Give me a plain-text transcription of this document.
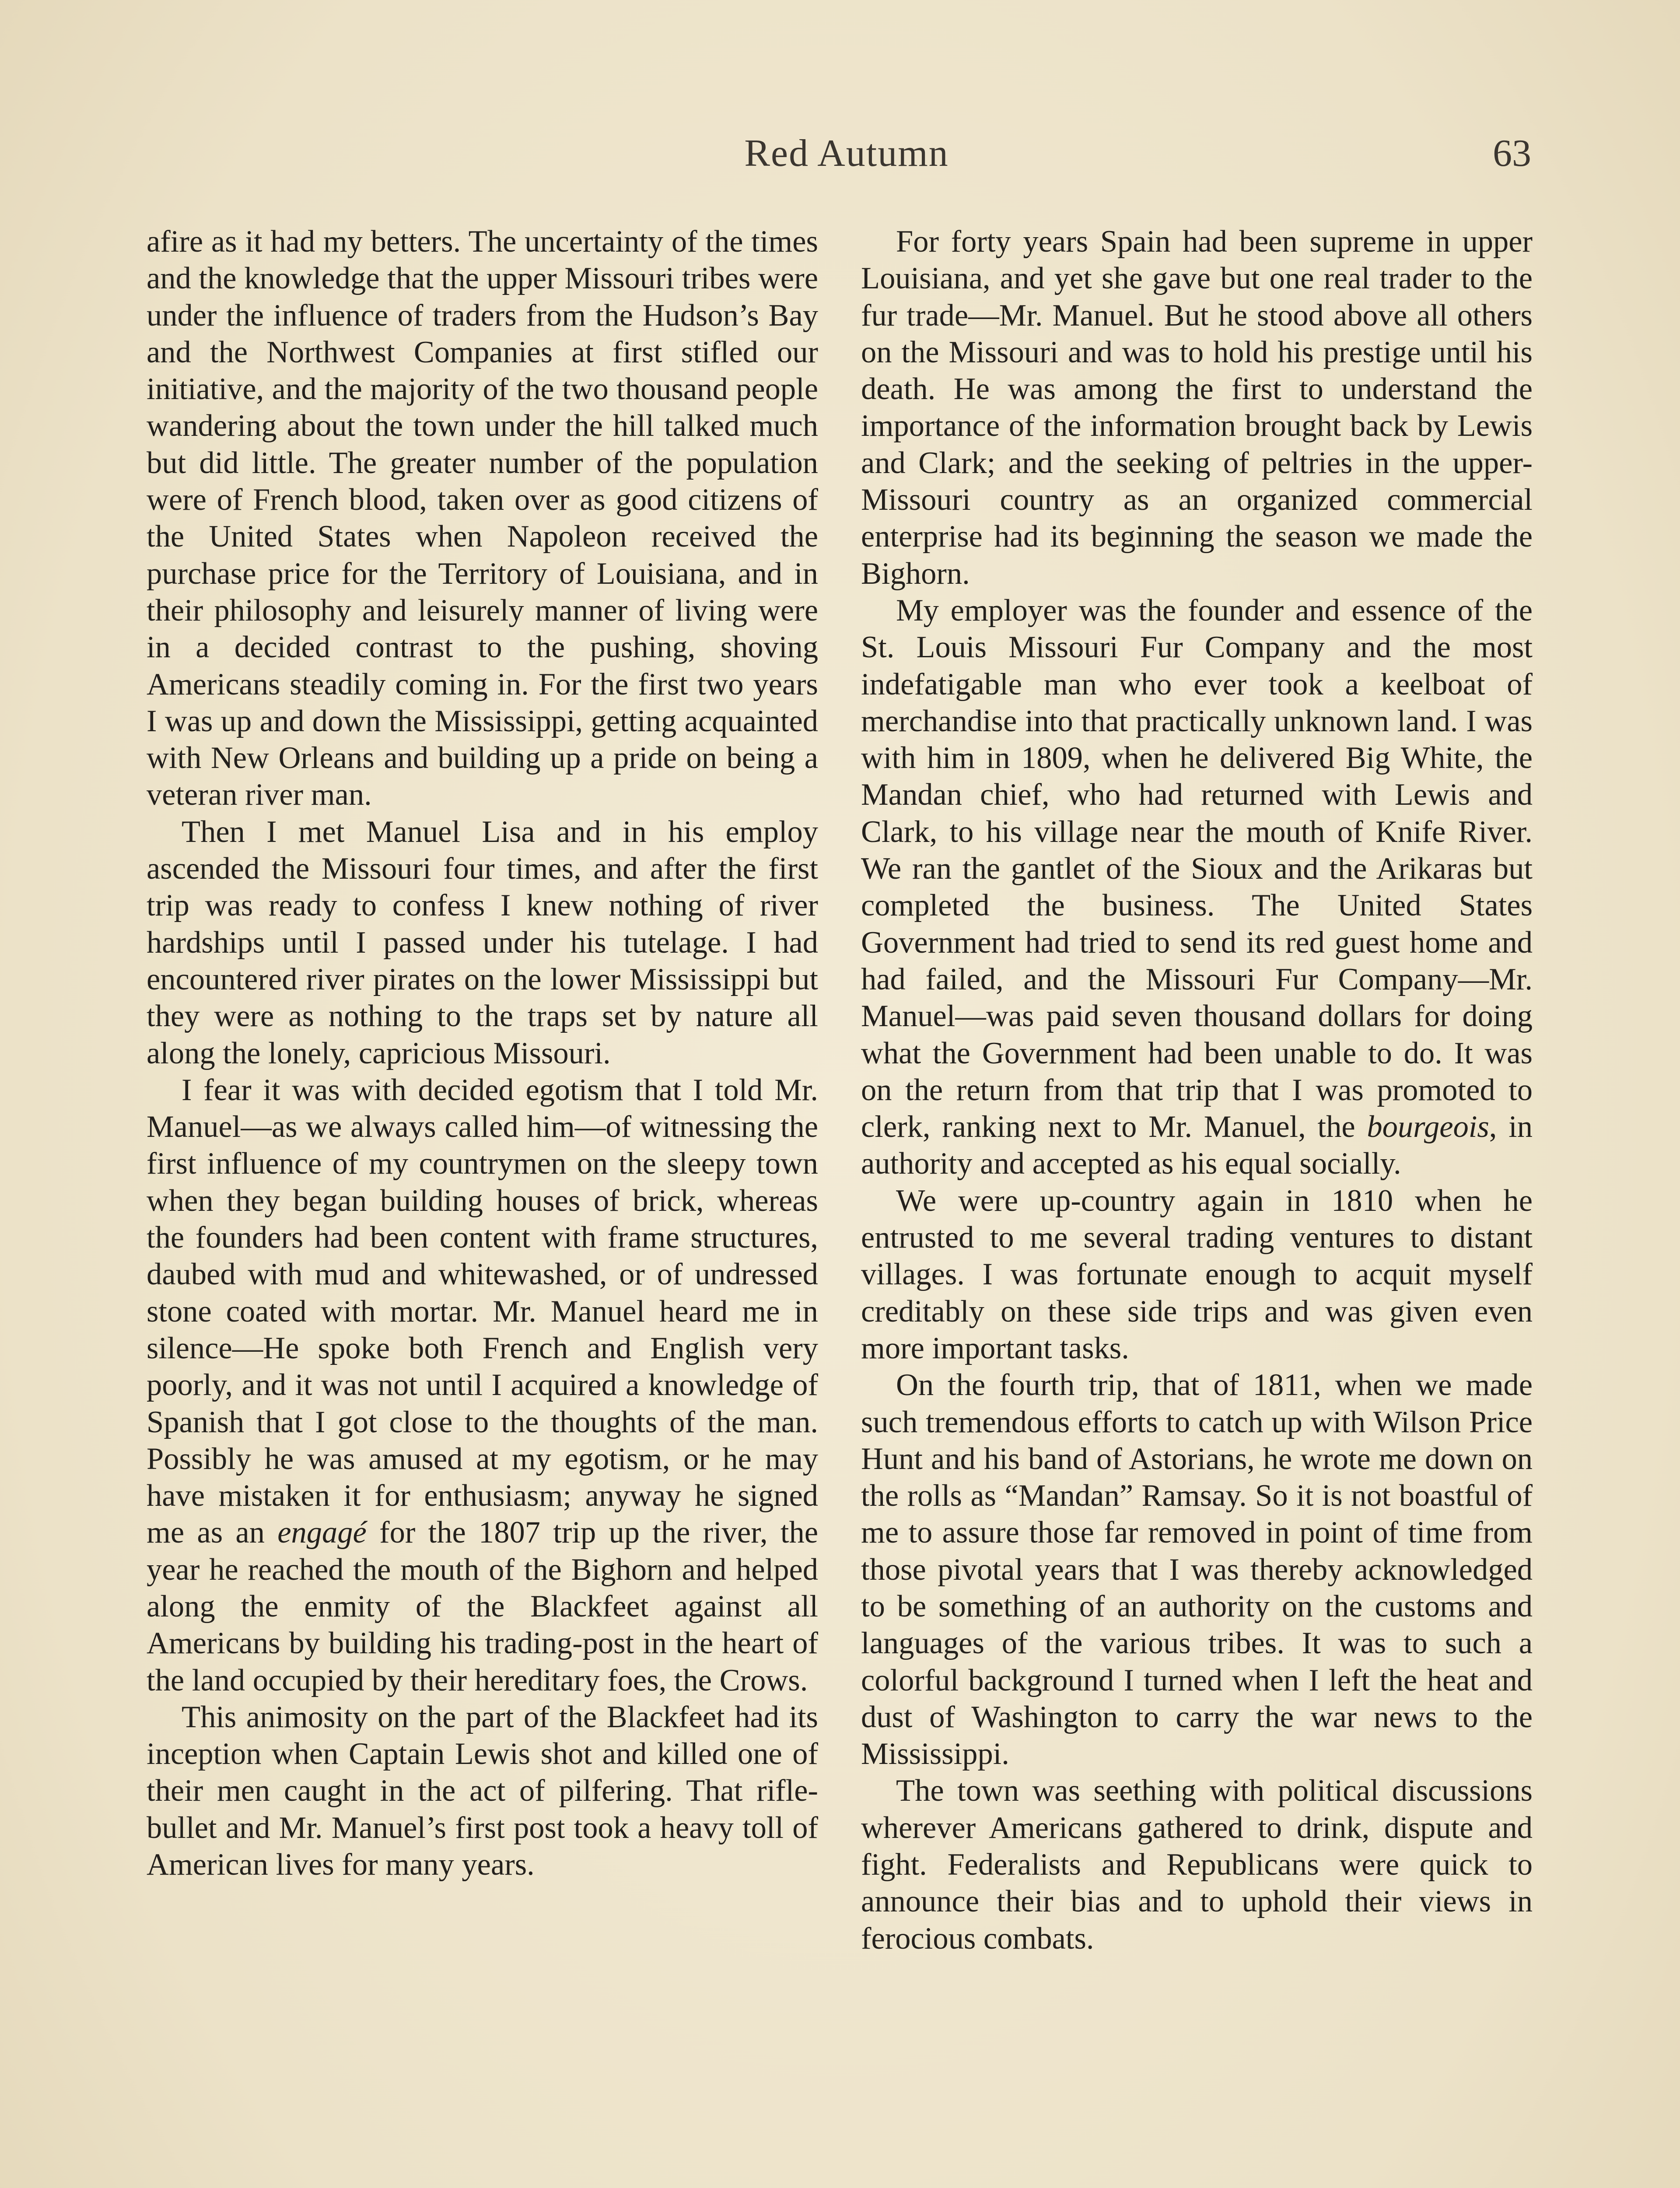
Red Autumn	63

afire as it had my betters. The uncertainty of the times and the knowledge that the upper Missouri tribes were under the influence of traders from the Hudson’s Bay and the Northwest Companies at first stifled our initiative, and the majority of the two thousand people wandering about the town under the hill talked much but did little. The greater number of the population were of French blood, taken over as good citizens of the United States when Napoleon received the purchase price for the Territory of Louisiana, and in their philosophy and leisurely manner of living were in a decided contrast to the pushing, shoving Americans steadily coming in. For the first two years I was up and down the Mississippi, getting acquainted with New Orleans and building up a pride on being a veteran river man.

Then I met Manuel Lisa and in his employ ascended the Missouri four times, and after the first trip was ready to confess I knew nothing of river hardships until I passed under his tutelage. I had encountered river pirates on the lower Mississippi but they were as nothing to the traps set by nature all along the lonely, capricious Missouri.

I fear it was with decided egotism that I told Mr. Manuel—as we always called him—of witnessing the first influence of my countrymen on the sleepy town when they began building houses of brick, whereas the founders had been content with frame structures, daubed with mud and whitewashed, or of undressed stone coated with mortar. Mr. Manuel heard me in silence—He spoke both French and English very poorly, and it was not until I acquired a knowledge of Spanish that I got close to the thoughts of the man. Possibly he was amused at my egotism, or he may have mistaken it for enthusiasm; anyway he signed me as an engagé for the 1807 trip up the river, the year he reached the mouth of the Bighorn and helped along the enmity of the Blackfeet against all Americans by building his trading-post in the heart of the land occupied by their hereditary foes, the Crows.

This animosity on the part of the Blackfeet had its inception when Captain Lewis shot and killed one of their men caught in the act of pilfering. That rifle-bullet and Mr. Manuel’s first post took a heavy toll of American lives for many years.

For forty years Spain had been supreme in upper Louisiana, and yet she gave but one real trader to the fur trade—Mr. Manuel. But he stood above all others on the Missouri and was to hold his prestige until his death. He was among the first to understand the importance of the information brought back by Lewis and Clark; and the seeking of peltries in the upper-Missouri country as an organized commercial enterprise had its beginning the season we made the Bighorn.

My employer was the founder and essence of the St. Louis Missouri Fur Company and the most indefatigable man who ever took a keelboat of merchandise into that practically unknown land. I was with him in 1809, when he delivered Big White, the Mandan chief, who had returned with Lewis and Clark, to his village near the mouth of Knife River. We ran the gantlet of the Sioux and the Arikaras but completed the business. The United States Government had tried to send its red guest home and had failed, and the Missouri Fur Company—Mr. Manuel—was paid seven thousand dollars for doing what the Government had been unable to do. It was on the return from that trip that I was promoted to clerk, ranking next to Mr. Manuel, the bourgeois, in authority and accepted as his equal socially.

We were up-country again in 1810 when he entrusted to me several trading ventures to distant villages. I was fortunate enough to acquit myself creditably on these side trips and was given even more important tasks.

On the fourth trip, that of 1811, when we made such tremendous efforts to catch up with Wilson Price Hunt and his band of Astorians, he wrote me down on the rolls as “Mandan” Ramsay. So it is not boastful of me to assure those far removed in point of time from those pivotal years that I was thereby acknowledged to be something of an authority on the customs and languages of the various tribes. It was to such a colorful background I turned when I left the heat and dust of Washington to carry the war news to the Mississippi.

The town was seething with political discussions wherever Americans gathered to drink, dispute and fight. Federalists and Republicans were quick to announce their bias and to uphold their views in ferocious combats.
